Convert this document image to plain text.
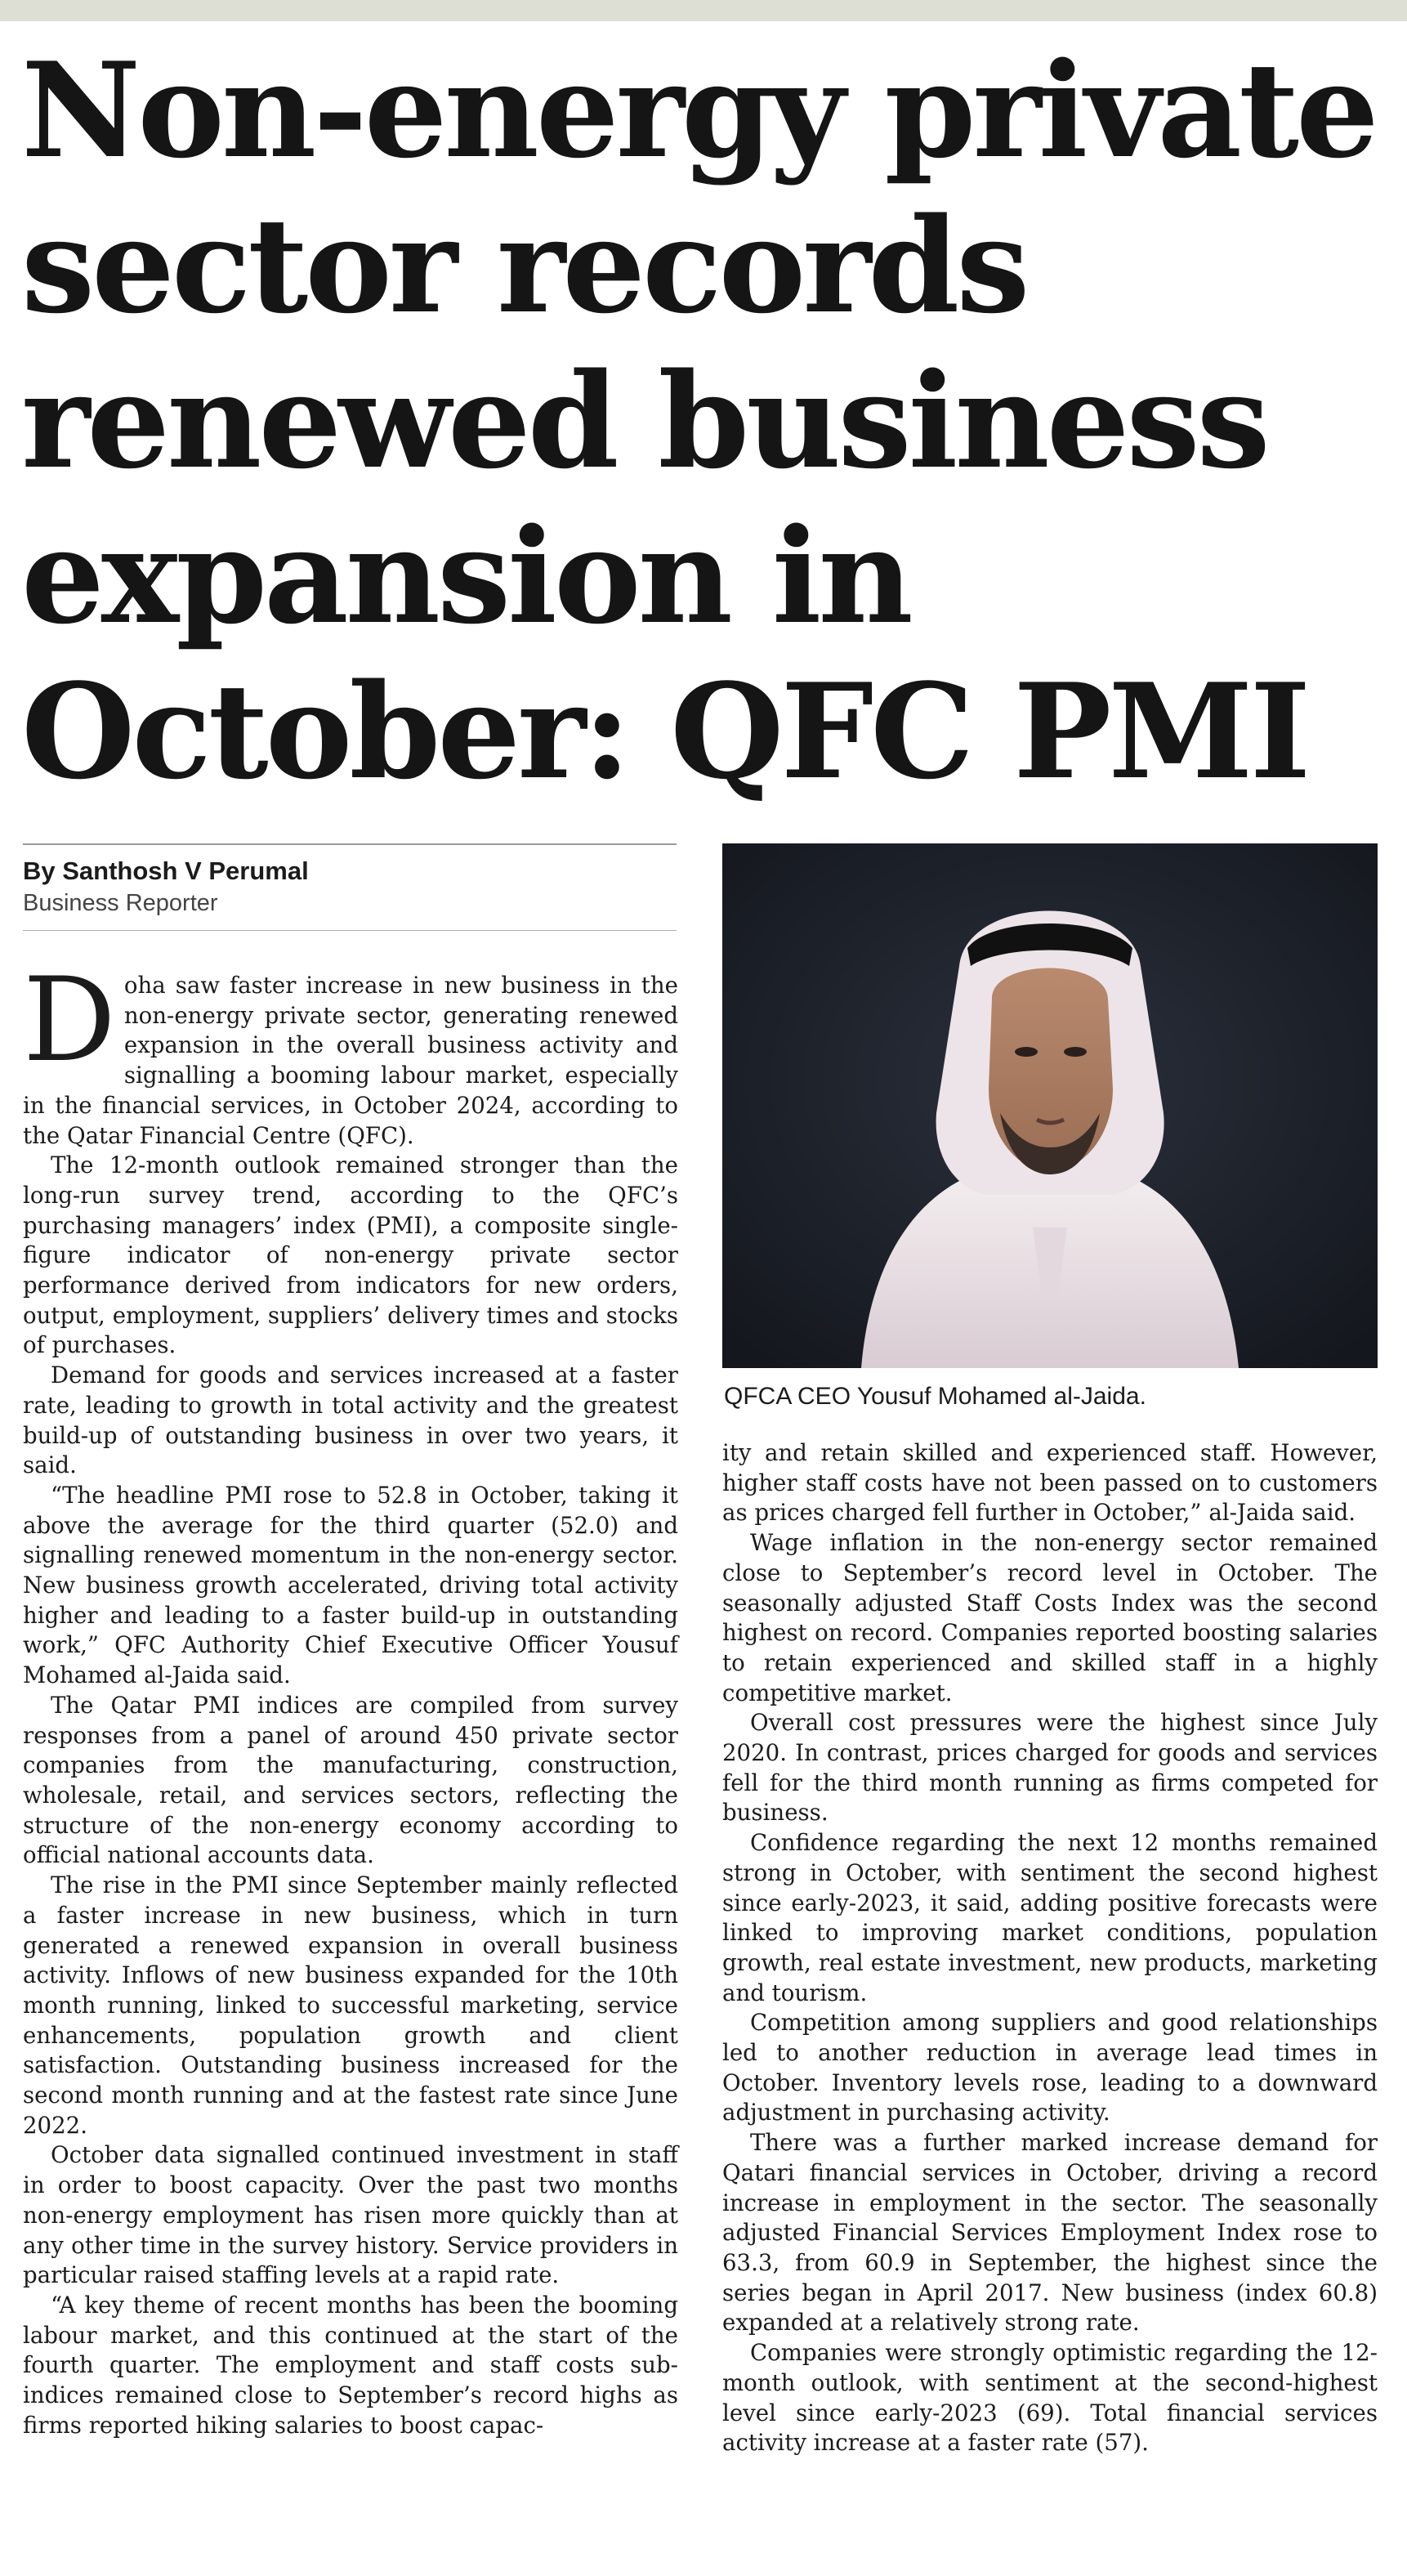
Non-energy private
sector records
renewed business
expansion in
October: QFC PMI
By Santhosh V Perumal
Business Reporter

Doha saw faster increase in new business in the non-energy private sector, generating renewed expansion in the overall business activity and signalling a booming labour market, especially in the financial services, in October 2024, according to the Qatar Financial Centre (QFC).

The 12-month outlook remained stronger than the long-run survey trend, according to the QFC’s purchasing managers’ index (PMI), a composite single-figure indicator of non-energy private sector performance derived from indicators for new orders, output, employment, suppliers’ delivery times and stocks of purchases.

Demand for goods and services increased at a faster rate, leading to growth in total activity and the greatest build-up of outstanding business in over two years, it said.

“The headline PMI rose to 52.8 in October, taking it above the average for the third quarter (52.0) and signalling renewed momentum in the non-energy sector. New business growth accelerated, driving total activity higher and leading to a faster build-up in outstanding work,” QFC Authority Chief Executive Officer Yousuf Mohamed al-Jaida said.

The Qatar PMI indices are compiled from survey responses from a panel of around 450 private sector companies from the manufacturing, construction, wholesale, retail, and services sectors, reflecting the structure of the non-energy economy according to official national accounts data.

The rise in the PMI since September mainly reflected a faster increase in new business, which in turn generated a renewed expansion in overall business activity. Inflows of new business expanded for the 10th month running, linked to successful marketing, service enhancements, population growth and client satisfaction. Outstanding business increased for the second month running and at the fastest rate since June 2022.

October data signalled continued investment in staff in order to boost capacity. Over the past two months non-energy employment has risen more quickly than at any other time in the survey history. Service providers in particular raised staffing levels at a rapid rate.

“A key theme of recent months has been the booming labour market, and this continued at the start of the fourth quarter. The employment and staff costs sub-indices remained close to September’s record highs as firms reported hiking salaries to boost capac-

QFCA CEO Yousuf Mohamed al-Jaida.

ity and retain skilled and experienced staff. However, higher staff costs have not been passed on to customers as prices charged fell further in October,” al-Jaida said.

Wage inflation in the non-energy sector remained close to September’s record level in October. The seasonally adjusted Staff Costs Index was the second highest on record. Companies reported boosting salaries to retain experienced and skilled staff in a highly competitive market.

Overall cost pressures were the highest since July 2020. In contrast, prices charged for goods and services fell for the third month running as firms competed for business.

Confidence regarding the next 12 months remained strong in October, with sentiment the second highest since early-2023, it said, adding positive forecasts were linked to improving market conditions, population growth, real estate investment, new products, marketing and tourism.

Competition among suppliers and good relationships led to another reduction in average lead times in October. Inventory levels rose, leading to a downward adjustment in purchasing activity.

There was a further marked increase demand for Qatari financial services in October, driving a record increase in employment in the sector. The seasonally adjusted Financial Services Employment Index rose to 63.3, from 60.9 in September, the highest since the series began in April 2017. New business (index 60.8) expanded at a relatively strong rate.

Companies were strongly optimistic regarding the 12-month outlook, with sentiment at the second-highest level since early-2023 (69). Total financial services activity increase at a faster rate (57).
